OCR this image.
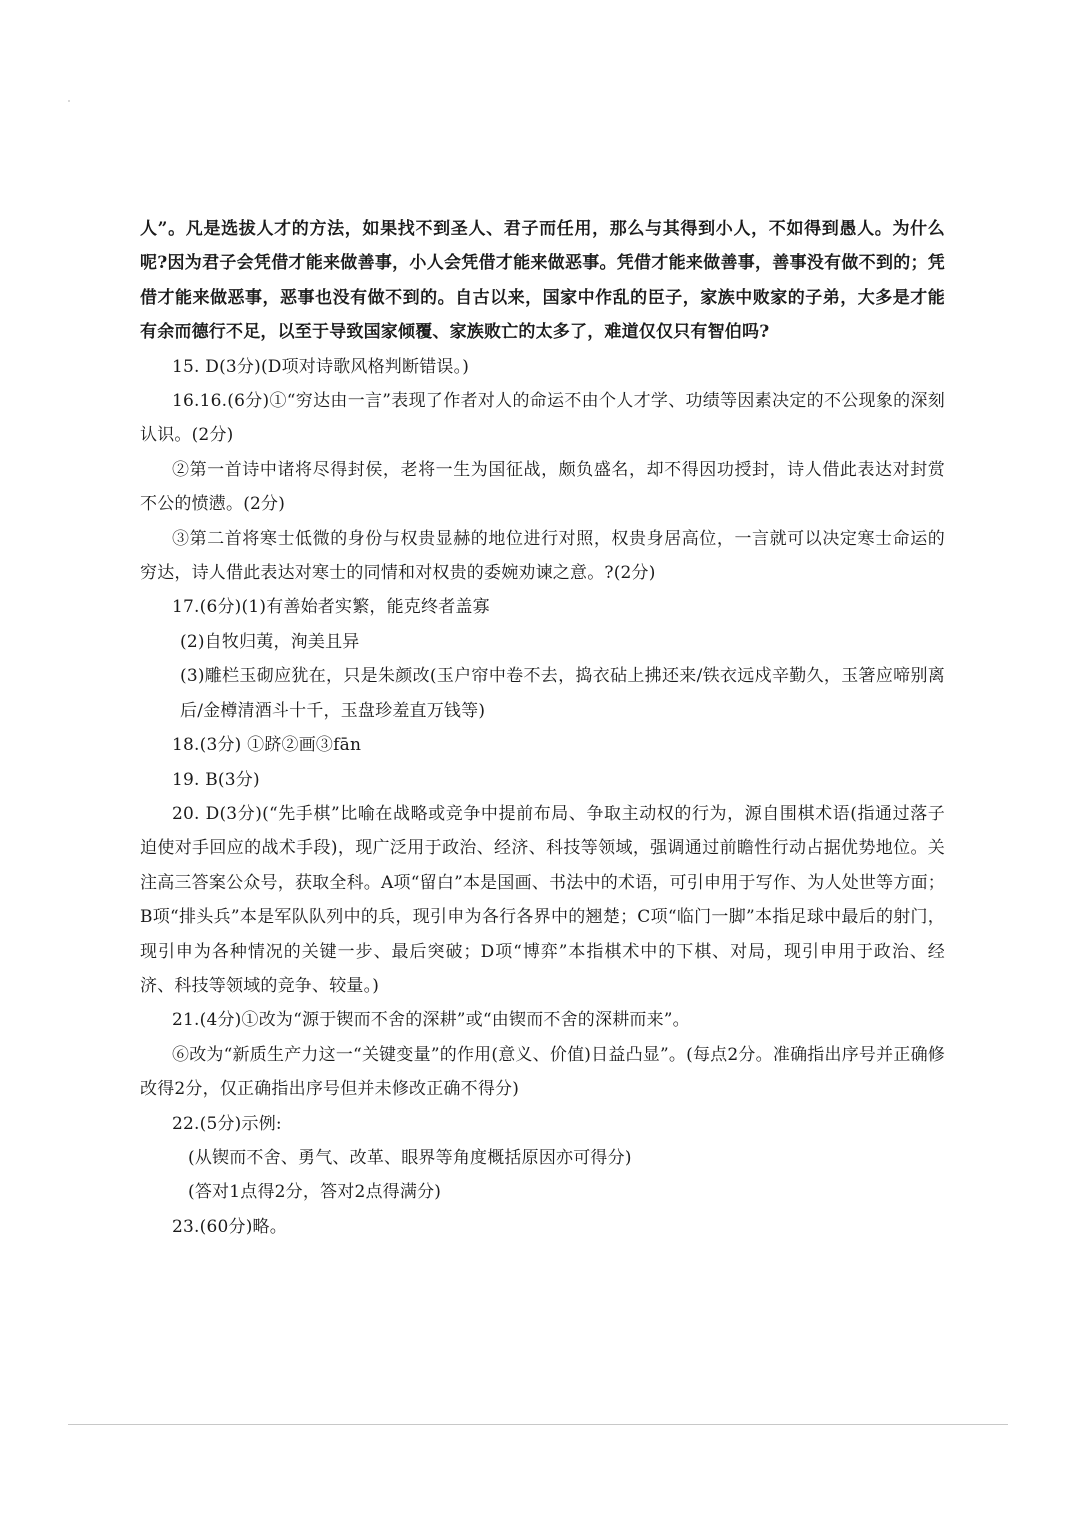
人”。凡是选拔人才的方法，如果找不到圣人、君子而任用，那么与其得到小人，不如得到愚人。为什么呢?因为君子会凭借才能来做善事，小人会凭借才能来做恶事。凭借才能来做善事，善事没有做不到的；凭借才能来做恶事，恶事也没有做不到的。自古以来，国家中作乱的臣子，家族中败家的子弟，大多是才能有余而德行不足，以至于导致国家倾覆、家族败亡的太多了，难道仅仅只有智伯吗?

15. D(3分)(D项对诗歌风格判断错误。)

16.16.(6分)①“穷达由一言”表现了作者对人的命运不由个人才学、功绩等因素决定的不公现象的深刻认识。(2分)

②第一首诗中诸将尽得封侯，老将一生为国征战，颇负盛名，却不得因功授封，诗人借此表达对封赏不公的愤懑。(2分)

③第二首将寒士低微的身份与权贵显赫的地位进行对照，权贵身居高位，一言就可以决定寒士命运的穷达，诗人借此表达对寒士的同情和对权贵的委婉劝谏之意。?(2分)

17.(6分)(1)有善始者实繁，能克终者盖寡

(2)自牧归荑，洵美且异

(3)雕栏玉砌应犹在，只是朱颜改(玉户帘中卷不去，捣衣砧上拂还来/铁衣远戍辛勤久，玉箸应啼别离后/金樽清酒斗十千，玉盘珍羞直万钱等)

18.(3分) ①跻②画③fān

19. B(3分)

20. D(3分)(“先手棋”比喻在战略或竞争中提前布局、争取主动权的行为，源自围棋术语(指通过落子迫使对手回应的战术手段)，现广泛用于政治、经济、科技等领域，强调通过前瞻性行动占据优势地位。关注高三答案公众号，获取全科。A项“留白”本是国画、书法中的术语，可引申用于写作、为人处世等方面；B项“排头兵”本是军队队列中的兵，现引申为各行各界中的翘楚；C项“临门一脚”本指足球中最后的射门，现引申为各种情况的关键一步、最后突破；D项“博弈”本指棋术中的下棋、对局，现引申用于政治、经济、科技等领域的竞争、较量。)

21.(4分)①改为“源于锲而不舍的深耕”或“由锲而不舍的深耕而来”。

⑥改为“新质生产力这一“关键变量”的作用(意义、价值)日益凸显”。(每点2分。准确指出序号并正确修改得2分，仅正确指出序号但并未修改正确不得分)

22.(5分)示例:

(从锲而不舍、勇气、改革、眼界等角度概括原因亦可得分)

(答对1点得2分，答对2点得满分)

23.(60分)略。
